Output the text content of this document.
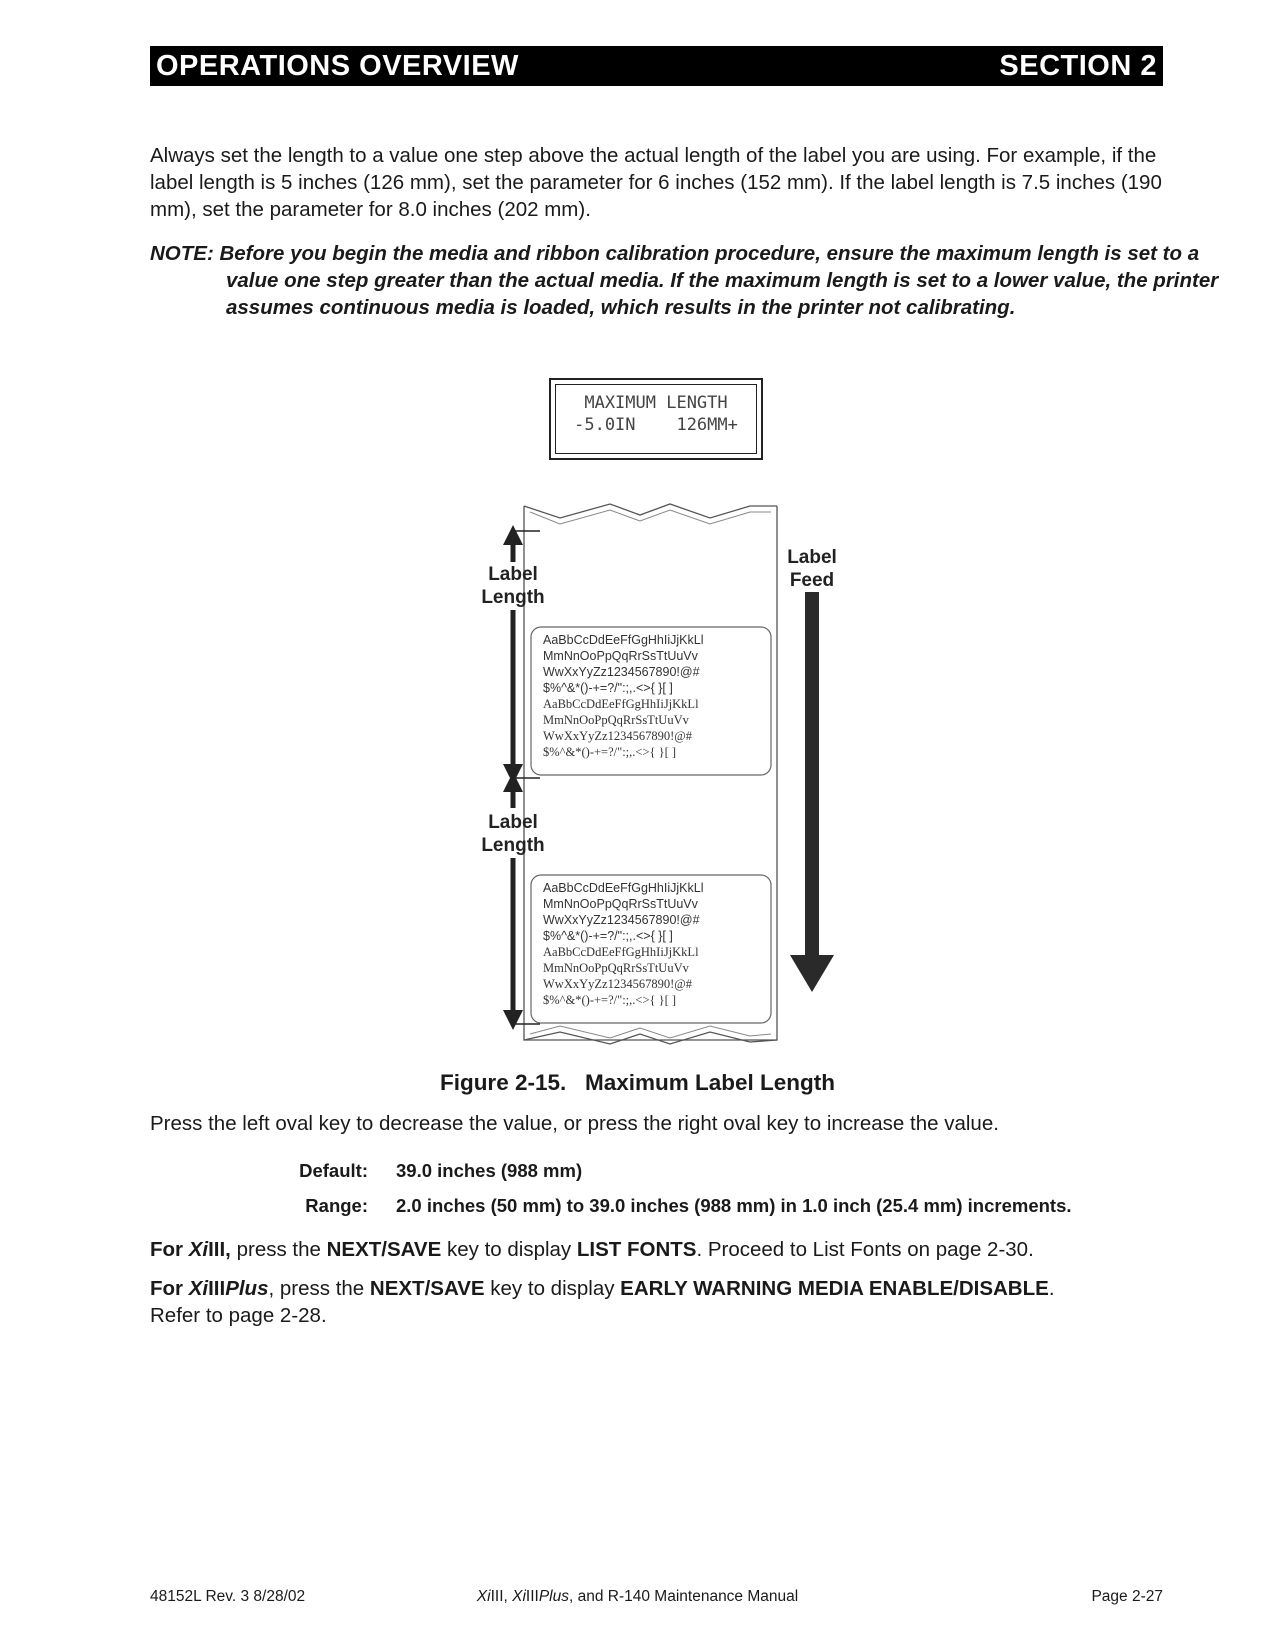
OPERATIONS OVERVIEW	SECTION 2

Always set the length to a value one step above the actual length of the label you are using. For example, if the label length is 5 inches (126 mm), set the parameter for 6 inches (152 mm). If the label length is 7.5 inches (190 mm), set the parameter for 8.0 inches (202 mm).

NOTE: Before you begin the media and ribbon calibration procedure, ensure the maximum length is set to a value one step greater than the actual media. If the maximum length is set to a lower value, the printer assumes continuous media is loaded, which results in the printer not calibrating.

MAXIMUM LENGTH
-5.0IN    126MM+
Label
Length
Label
Length
Label
Feed
AaBbCcDdEeFfGgHhIiJjKkLl
MmNnOoPpQqRrSsTtUuVv
WwXxYyZz1234567890!@#
$%^&*()-+=?/":;,.<>{ }[ ]
AaBbCcDdEeFfGgHhIiJjKkLl
MmNnOoPpQqRrSsTtUuVv
WwXxYyZz1234567890!@#
$%^&*()-+=?/":;,.<>{ }[ ]
AaBbCcDdEeFfGgHhIiJjKkLl
MmNnOoPpQqRrSsTtUuVv
WwXxYyZz1234567890!@#
$%^&*()-+=?/":;,.<>{ }[ ]
AaBbCcDdEeFfGgHhIiJjKkLl
MmNnOoPpQqRrSsTtUuVv
WwXxYyZz1234567890!@#
$%^&*()-+=?/":;,.<>{ }[ ]
Figure 2-15.   Maximum Label Length

Press the left oval key to decrease the value, or press the right oval key to increase the value.

Default: 39.0 inches (988 mm)
Range: 2.0 inches (50 mm) to 39.0 inches (988 mm) in 1.0 inch (25.4 mm) increments.

For XiIII, press the NEXT/SAVE key to display LIST FONTS. Proceed to List Fonts on page 2-30.

For XiIIIPlus, press the NEXT/SAVE key to display EARLY WARNING MEDIA ENABLE/DISABLE.
Refer to page 2-28.

48152L Rev. 3 8/28/02	XiIII, XiIIIPlus, and R-140 Maintenance Manual	Page 2-27
